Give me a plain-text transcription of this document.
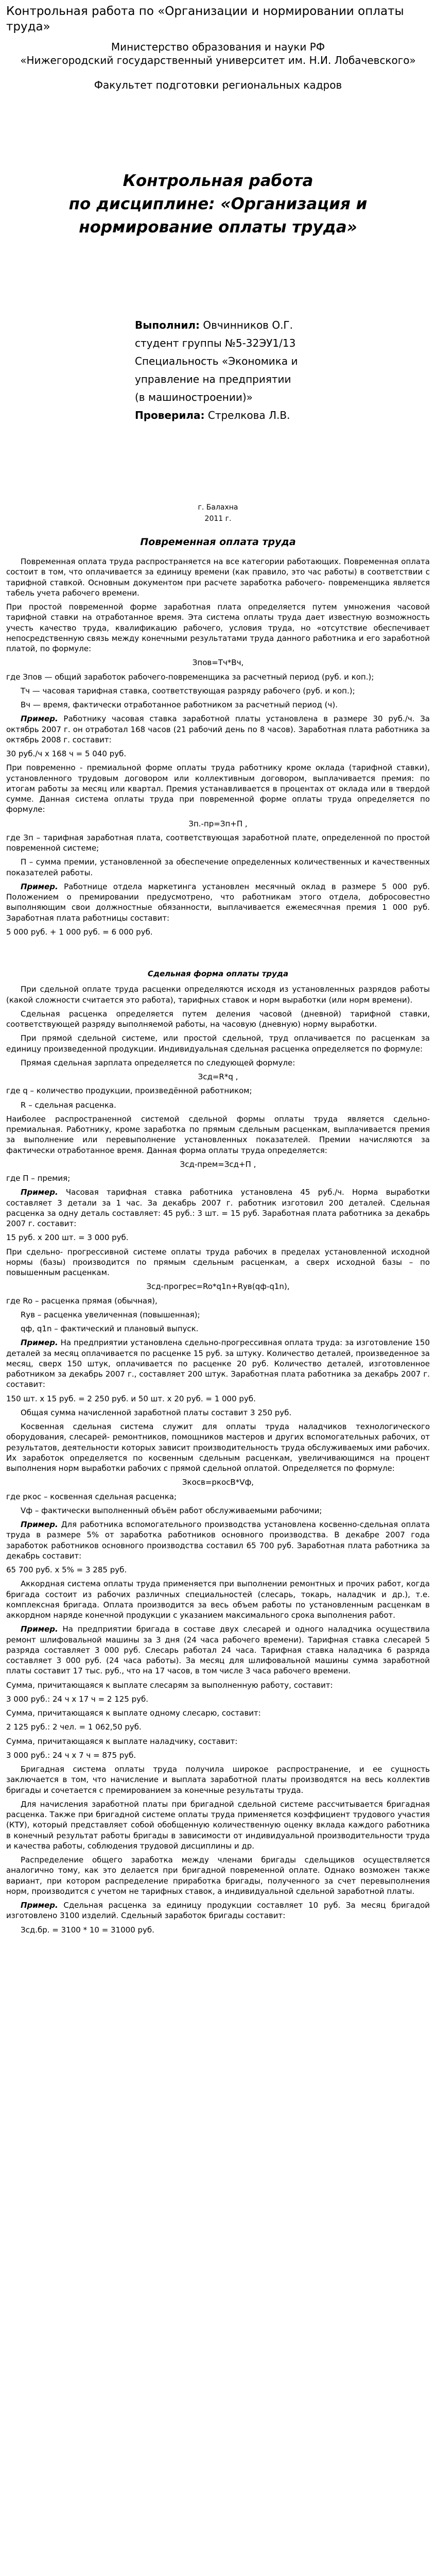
Контрольная работа по «Организации и нормировании оплаты труда»

Министерство образования и науки РФ

«Нижегородский государственный университет им. Н.И. Лобачевского»

Факультет подготовки региональных кадров

Контрольная работа
по дисциплине: «Организация и
нормирование оплаты труда»
Выполнил: Овчинников О.Г.
студент группы №5-32ЭУ1/13
Специальность «Экономика и
управление на предприятии
(в машиностроении)»
Проверила: Стрелкова Л.В.
г. Балахна
2011 г.
Повременная оплата труда

Повременная оплата труда распространяется на все категории работающих. Повременная оплата состоит в том, что оплачивается за единицу времени (как правило, это час работы) в соответствии с тарифной ставкой. Основным документом при расчете заработка рабочего- повременщика является табель учета рабочего времени.

При простой повременной форме заработная плата определяется путем умножения часовой тарифной ставки на отработанное время. Эта система оплаты труда дает известную возможность учесть качество труда, квалификацию рабочего, условия труда, но «отсутствие обеспечивает непосредственную связь между конечными результатами труда данного работника и его заработной платой, по формуле:

Зпов=Тч*Вч,

где Зпов — общий заработок рабочего-повременщика за расчетный период (руб. и коп.);

Тч — часовая тарифная ставка, соответствующая разряду рабочего (руб. и коп.);

Вч — время, фактически отработанное работником за расчетный период (ч).

Пример. Работнику часовая ставка заработной платы установлена в размере 30 руб./ч. За октябрь 2007 г. он отработал 168 часов (21 рабочий день по 8 часов). Заработная плата работника за октябрь 2008 г. составит:

30 руб./ч x 168 ч = 5 040 руб.

При повременно - премиальной форме оплаты труда работнику кроме оклада (тарифной ставки), установленного трудовым договором или коллективным договором, выплачивается премия: по итогам работы за месяц или квартал. Премия устанавливается в процентах от оклада или в твердой сумме. Данная система оплаты труда при повременной форме оплаты труда определяется по формуле:

Зп.-пр=Зп+П ,

где Зп – тарифная заработная плата, соответствующая заработной плате, определенной по простой повременной системе;

П – сумма премии, установленной за обеспечение определенных количественных и качественных показателей работы.

Пример. Работнице отдела маркетинга установлен месячный оклад в размере 5 000 руб. Положением о премировании предусмотрено, что работникам этого отдела, добросовестно выполняющим свои должностные обязанности, выплачивается ежемесячная премия 1 000 руб. Заработная плата работницы составит:

5 000 руб. + 1 000 руб. = 6 000 руб.

Сдельная форма оплаты труда

При сдельной оплате труда расценки определяются исходя из установленных разрядов работы (какой сложности считается это работа), тарифных ставок и норм выработки (или норм времени).

Сдельная расценка определяется путем деления часовой (дневной) тарифной ставки, соответствующей разряду выполняемой работы, на часовую (дневную) норму выработки.

При прямой сдельной системе, или простой сдельной, труд оплачивается по расценкам за единицу произведенной продукции. Индивидуальная сдельная расценка определяется по формуле:

Прямая сдельная зарплата определяется по следующей формуле:

Зсд=R*q ,

где q – количество продукции, произведённой работником;

R – сдельная расценка.

Наиболее распространенной системой сдельной формы оплаты труда является сдельно-премиальная. Работнику, кроме заработка по прямым сдельным расценкам, выплачивается премия за выполнение или перевыполнение установленных показателей. Премии начисляются за фактически отработанное время. Данная форма оплаты труда определяется:

Зсд-прем=Зсд+П ,

где П – премия;

Пример. Часовая тарифная ставка работника установлена 45 руб./ч. Норма выработки составляет 3 детали за 1 час. За декабрь 2007 г. работник изготовил 200 деталей. Сдельная расценка за одну деталь составляет: 45 руб.: 3 шт. = 15 руб. Заработная плата работника за декабрь 2007 г. составит:

15 руб. x 200 шт. = 3 000 руб.

При сдельно- прогрессивной системе оплаты труда рабочих в пределах установленной исходной нормы (базы) производится по прямым сдельным расценкам, а сверх исходной базы – по повышенным расценкам.

Зсд-прогрес=Ro*q1n+Rув(qф-q1n),

где Ro – расценка прямая (обычная),

Rув – расценка увеличенная (повышенная);

qф, q1n – фактический и плановый выпуск.

Пример. На предприятии установлена сдельно-прогрессивная оплата труда: за изготовление 150 деталей за месяц оплачивается по расценке 15 руб. за штуку. Количество деталей, произведенное за месяц, сверх 150 штук, оплачивается по расценке 20 руб. Количество деталей, изготовленное работником за декабрь 2007 г., составляет 200 штук. Заработная плата работника за декабрь 2007 г. составит:

150 шт. x 15 руб. = 2 250 руб. и 50 шт. x 20 руб. = 1 000 руб.

Общая сумма начисленной заработной платы составит 3 250 руб.

Косвенная сдельная система служит для оплаты труда наладчиков технологического оборудования, слесарей- ремонтников, помощников мастеров и других вспомогательных рабочих, от результатов, деятельности которых зависит производительность труда обслуживаемых ими рабочих. Их заработок определяется по косвенным сдельным расценкам, увеличивающимся на процент выполнения норм выработки рабочих с прямой сдельной оплатой. Определяется по формуле:

Зкосв=ркосВ*Vф,

где ркос – косвенная сдельная расценка;

Vф – фактически выполненный объём работ обслуживаемыми рабочими;

Пример. Для работника вспомогательного производства установлена косвенно-сдельная оплата труда в размере 5% от заработка работников основного производства. В декабре 2007 года заработок работников основного производства составил 65 700 руб. Заработная плата работника за декабрь составит:

65 700 руб. x 5% = 3 285 руб.

Аккордная система оплаты труда применяется при выполнении ремонтных и прочих работ, когда бригада состоит из рабочих различных специальностей (слесарь, токарь, наладчик и др.), т.е. комплексная бригада. Оплата производится за весь объем работы по установленным расценкам в аккордном наряде конечной продукции с указанием максимального срока выполнения работ.

Пример. На предприятии бригада в составе двух слесарей и одного наладчика осуществила ремонт шлифовальной машины за 3 дня (24 часа рабочего времени). Тарифная ставка слесарей 5 разряда составляет 3 000 руб. Слесарь работал 24 часа. Тарифная ставка наладчика 6 разряда составляет 3 000 руб. (24 часа работы). За месяц для шлифовальной машины сумма заработной платы составит 17 тыс. руб., что на 17 часов, в том числе 3 часа рабочего времени.

Сумма, причитающаяся к выплате слесарям за выполненную работу, составит:

3 000 руб.: 24 ч x 17 ч = 2 125 руб.

Сумма, причитающаяся к выплате одному слесарю, составит:

2 125 руб.: 2 чел. = 1 062,50 руб.

Сумма, причитающаяся к выплате наладчику, составит:

3 000 руб.: 24 ч x 7 ч = 875 руб.

Бригадная система оплаты труда получила широкое распространение, и ее сущность заключается в том, что начисление и выплата заработной платы производятся на весь коллектив бригады и сочетается с премированием за конечные результаты труда.

Для начисления заработной платы при бригадной сдельной системе рассчитывается бригадная расценка. Также при бригадной системе оплаты труда применяется коэффициент трудового участия (КТУ), который представляет собой обобщенную количественную оценку вклада каждого работника в конечный результат работы бригады в зависимости от индивидуальной производительности труда и качества работы, соблюдения трудовой дисциплины и др.

Распределение общего заработка между членами бригады сдельщиков осуществляется аналогично тому, как это делается при бригадной повременной оплате. Однако возможен также вариант, при котором распределение приработка бригады, полученного за счет перевыполнения норм, производится с учетом не тарифных ставок, а индивидуальной сдельной заработной платы.

Пример. Сдельная расценка за единицу продукции составляет 10 руб. За месяц бригадой изготовлено 3100 изделий. Сдельный заработок бригады составит:

Зсд.бр. = 3100 * 10 = 31000 руб.
